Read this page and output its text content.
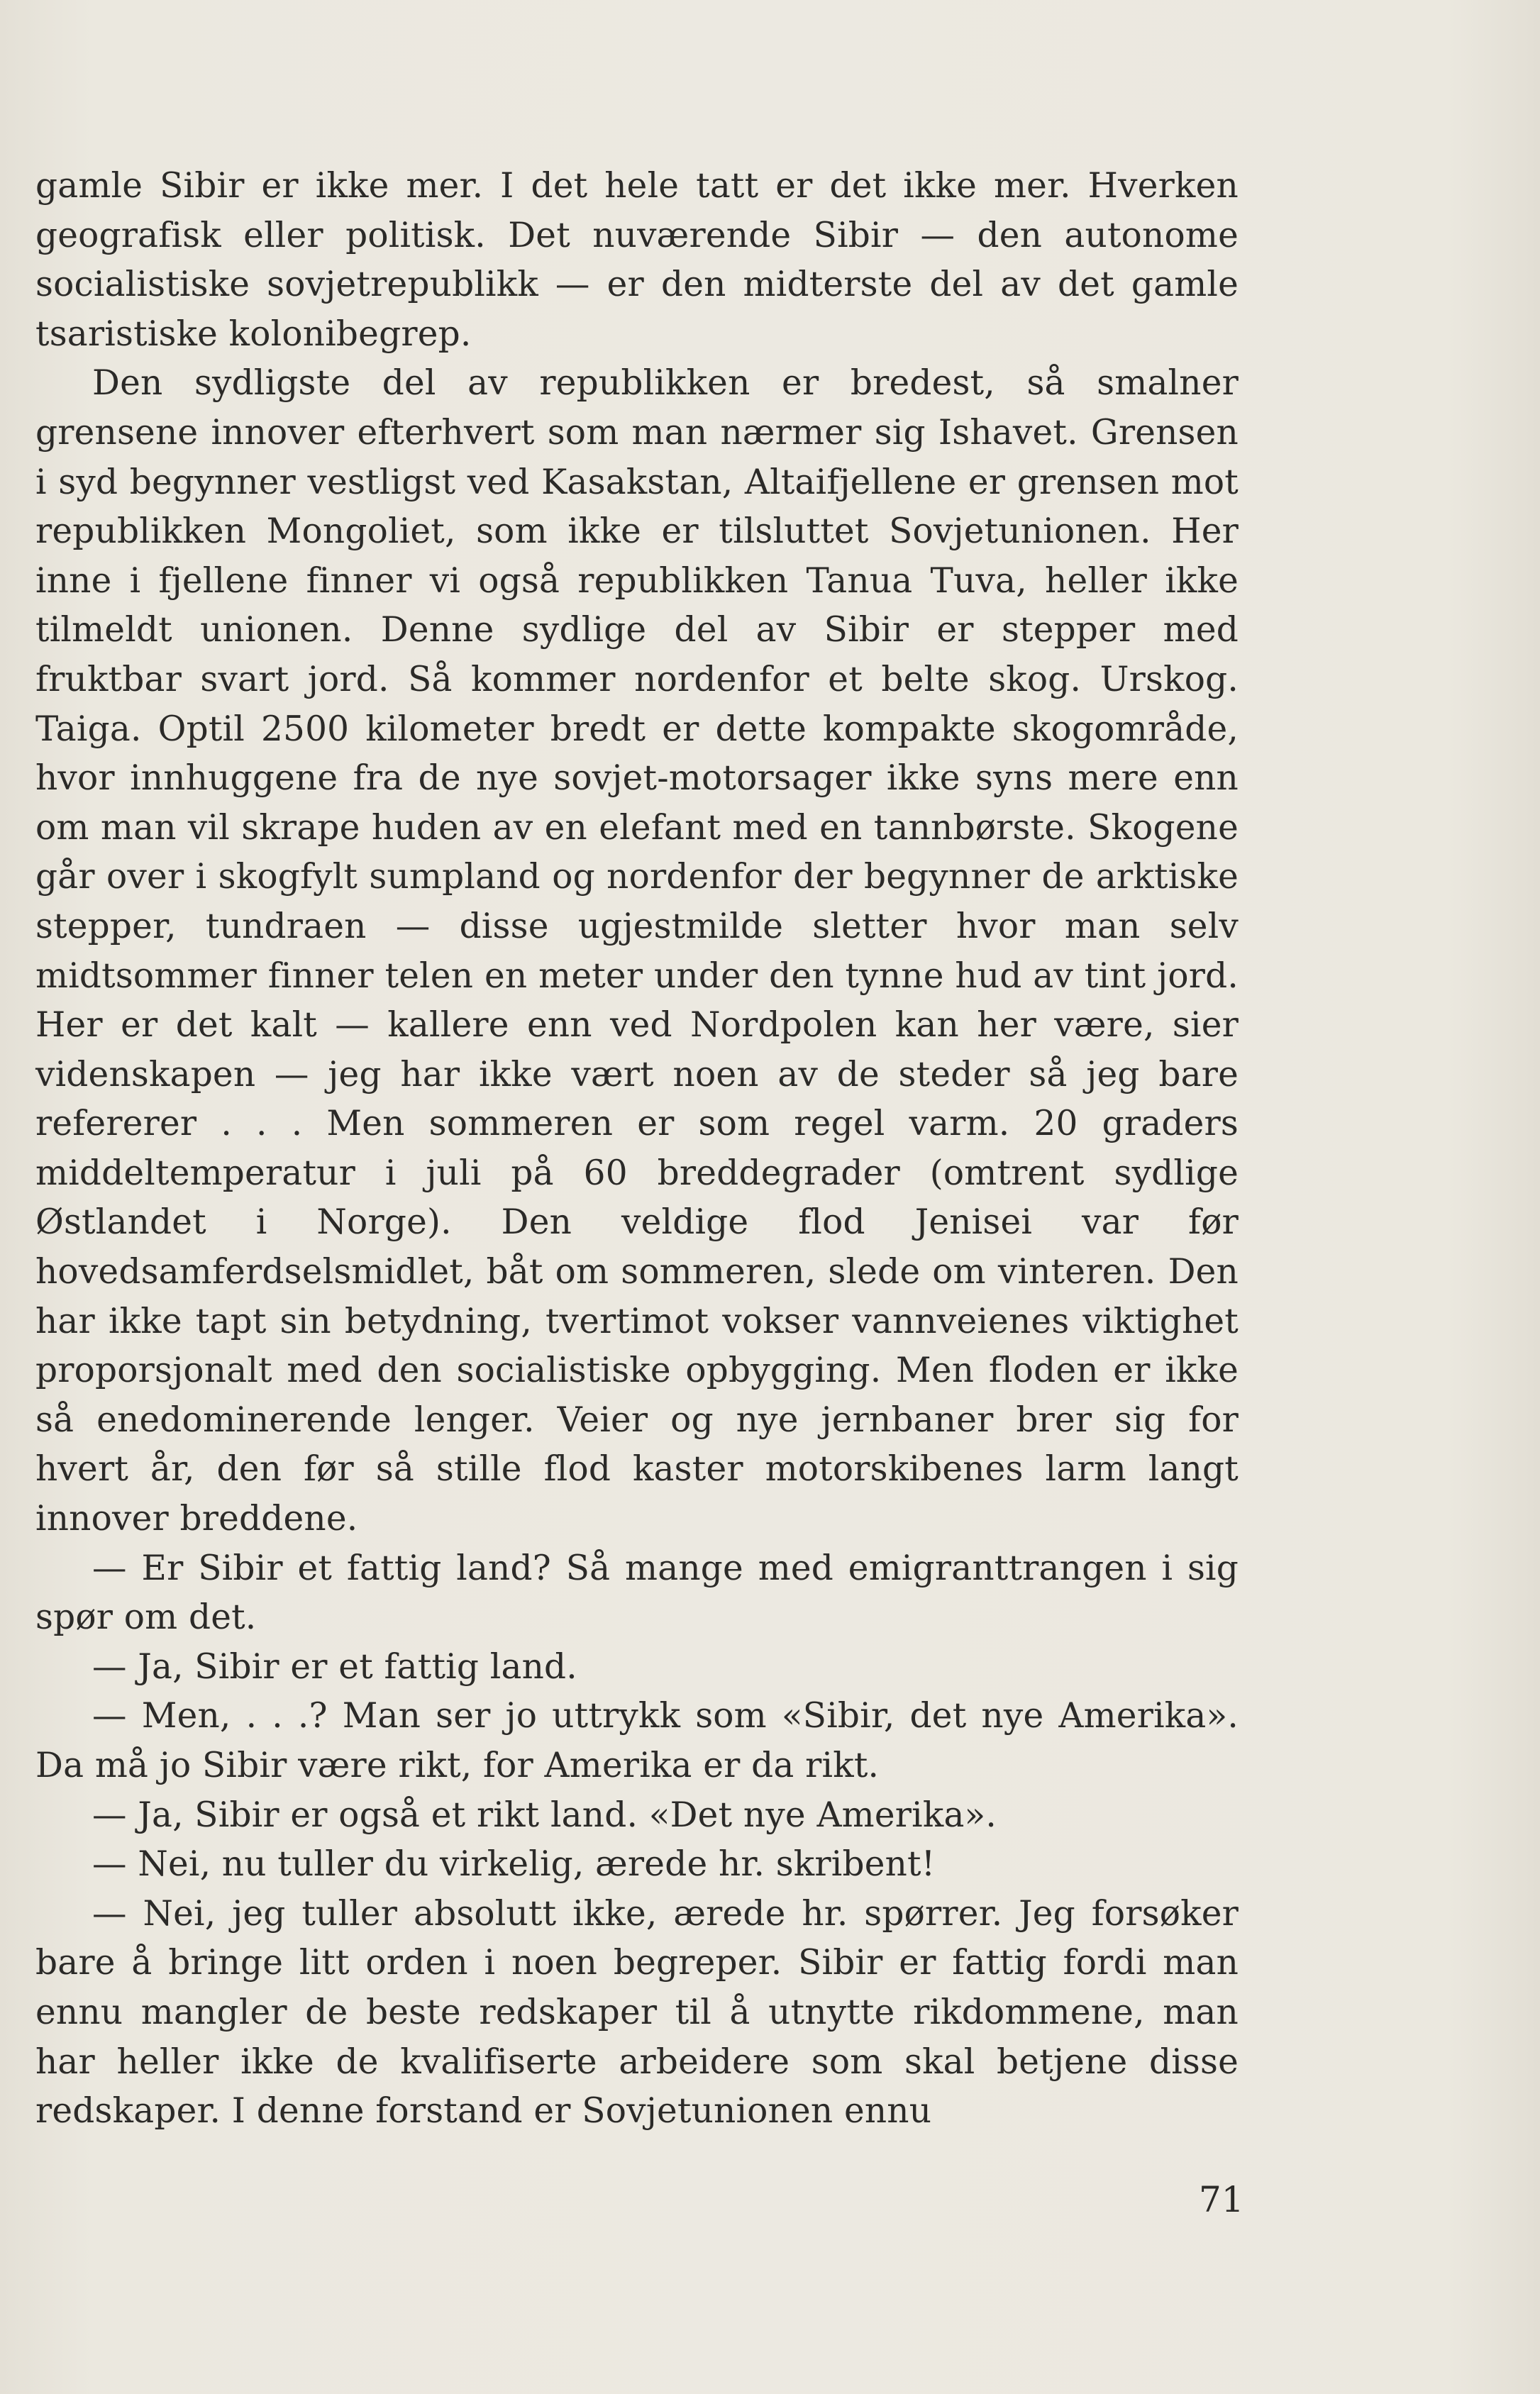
gamle Sibir er ikke mer. I det hele tatt er det ikke mer. Hverken geografisk eller politisk. Det nuværende Sibir — den autonome socialistiske sovjetrepublikk — er den midterste del av det gamle tsaristiske kolonibegrep.

Den sydligste del av republikken er bredest, så smalner grensene innover efterhvert som man nærmer sig Ishavet. Grensen i syd begynner vestligst ved Kasakstan, Altaifjellene er grensen mot republikken Mongoliet, som ikke er tilsluttet Sovjetunionen. Her inne i fjellene finner vi også republikken Tanua Tuva, heller ikke tilmeldt unionen. Denne sydlige del av Sibir er stepper med fruktbar svart jord. Så kommer nordenfor et belte skog. Urskog. Taiga. Optil 2500 kilometer bredt er dette kompakte skogområde, hvor innhuggene fra de nye sovjet-motorsager ikke syns mere enn om man vil skrape huden av en elefant med en tannbørste. Skogene går over i skogfylt sumpland og nordenfor der begynner de arktiske stepper, tundraen — disse ugjestmilde sletter hvor man selv midtsommer finner telen en meter under den tynne hud av tint jord. Her er det kalt — kallere enn ved Nordpolen kan her være, sier videnskapen — jeg har ikke vært noen av de steder så jeg bare refererer . . . Men sommeren er som regel varm. 20 graders middeltemperatur i juli på 60 breddegrader (omtrent sydlige Østlandet i Norge). Den veldige flod Jenisei var før hovedsamferdselsmidlet, båt om sommeren, slede om vinteren. Den har ikke tapt sin betydning, tvertimot vokser vannveienes viktighet proporsjonalt med den socialistiske opbygging. Men floden er ikke så enedominerende lenger. Veier og nye jernbaner brer sig for hvert år, den før så stille flod kaster motorskibenes larm langt innover breddene.

— Er Sibir et fattig land? Så mange med emigranttrangen i sig spør om det.

— Ja, Sibir er et fattig land.

— Men, . . .? Man ser jo uttrykk som «Sibir, det nye Amerika». Da må jo Sibir være rikt, for Amerika er da rikt.

— Ja, Sibir er også et rikt land. «Det nye Amerika».

— Nei, nu tuller du virkelig, ærede hr. skribent!

— Nei, jeg tuller absolutt ikke, ærede hr. spørrer. Jeg forsøker bare å bringe litt orden i noen begreper. Sibir er fattig fordi man ennu mangler de beste redskaper til å utnytte rikdommene, man har heller ikke de kvalifiserte arbeidere som skal betjene disse redskaper. I denne forstand er Sovjetunionen ennu

71
